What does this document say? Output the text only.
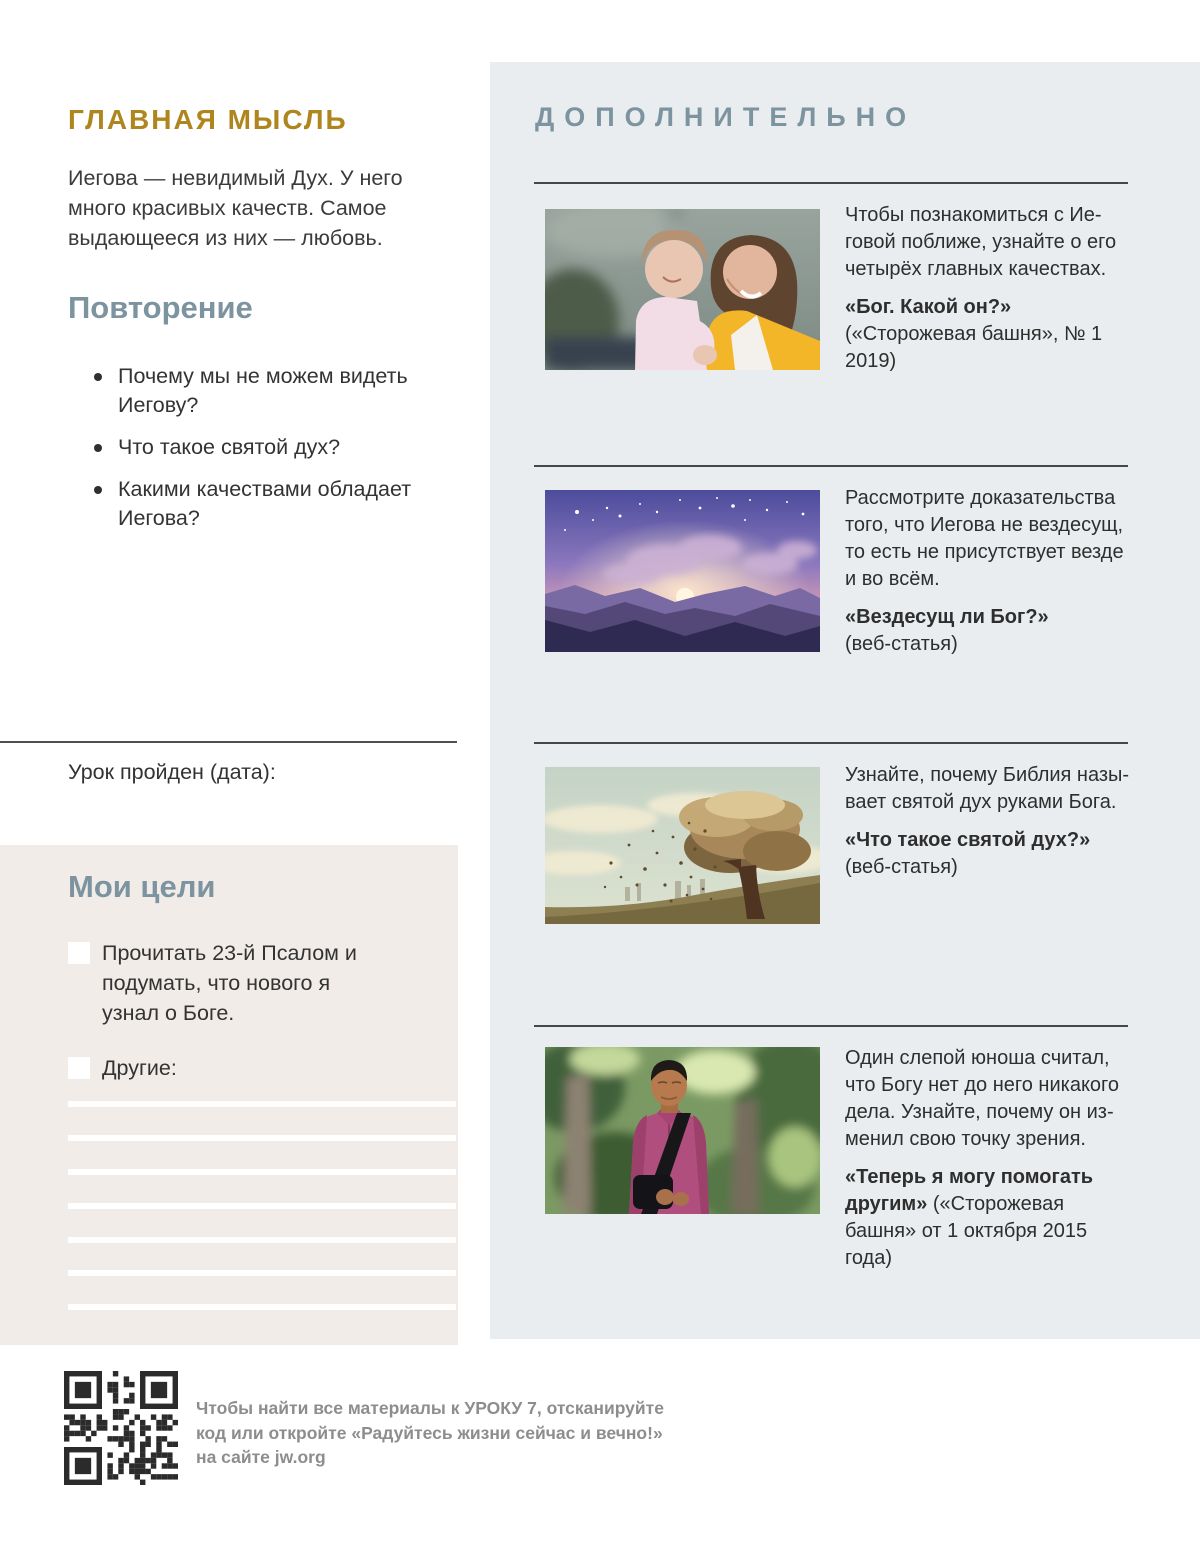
ГЛАВНАЯ МЫСЛЬ

Иегова — невидимый Дух. У него много красивых качеств. Самое выдающееся из них — любовь.

Повторение
Почему мы не можем видеть Иегову?
Что такое святой дух?
Какими качествами обладает Иегова?

Урок пройден (дата):

Мои цели
Прочитать 23-й Псалом и подумать, что нового я узнал о Боге.
Другие:
ДОПОЛНИТЕЛЬНО

Чтобы познакомиться с Иеговой поближе, узнайте о его четырёх главных качествах.

«Бог. Какой он?»
(«Сторожевая башня», № 1 2019)

Рассмотрите доказательства того, что Иегова не вездесущ, то есть не присутствует везде и во всём.

«Вездесущ ли Бог?»
(веб-статья)

Узнайте, почему Библия называет святой дух руками Бога.

«Что такое святой дух?»
(веб-статья)

Один слепой юноша считал, что Богу нет до него никакого дела. Узнайте, почему он изменил свою точку зрения.

«Теперь я могу помогать другим» («Сторожевая башня» от 1 октября 2015 года)

Чтобы найти все материалы к УРОКУ 7, отсканируйте
код или откройте «Радуйтесь жизни сейчас и вечно!»
на сайте jw.org
